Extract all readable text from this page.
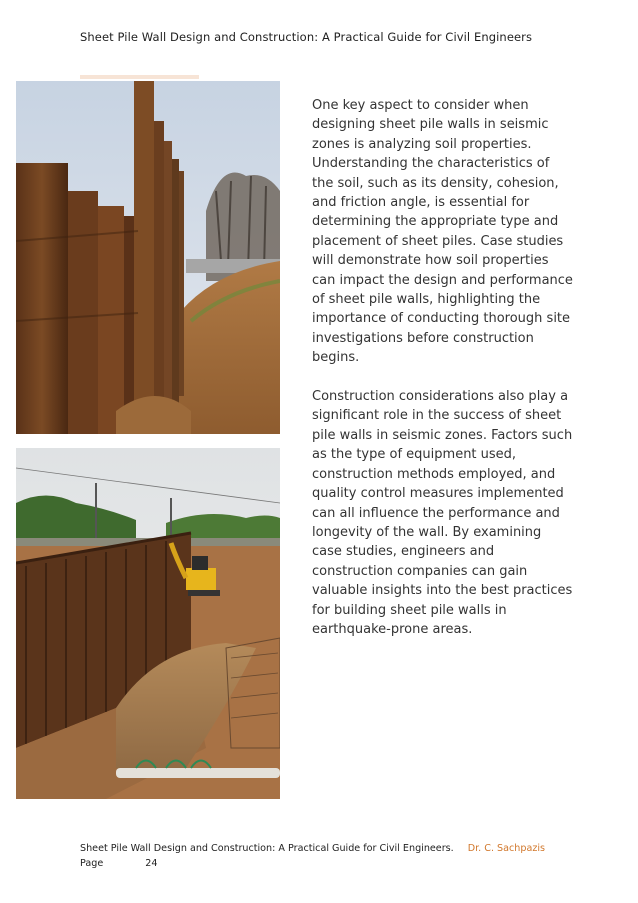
Sheet Pile Wall Design and Construction: A Practical Guide for Civil Engineers

One key aspect to consider when designing sheet pile walls in seismic zones is analyzing soil properties. Understanding the characteristics of the soil, such as its density, cohesion, and friction angle, is essential for determining the appropriate type and placement of sheet piles. Case studies will demonstrate how soil properties can impact the design and performance of sheet pile walls, highlighting the importance of conducting thorough site investigations before construction begins.

Construction considerations also play a significant role in the success of sheet pile walls in seismic zones. Factors such as the type of equipment used, construction methods employed, and quality control measures implemented can all influence the performance and longevity of the wall. By examining case studies, engineers and construction companies can gain valuable insights into the best practices for building sheet pile walls in earthquake-prone areas.

Sheet Pile Wall Design and Construction: A Practical Guide for Civil Engineers. Dr. C. Sachpazis
Page	24
